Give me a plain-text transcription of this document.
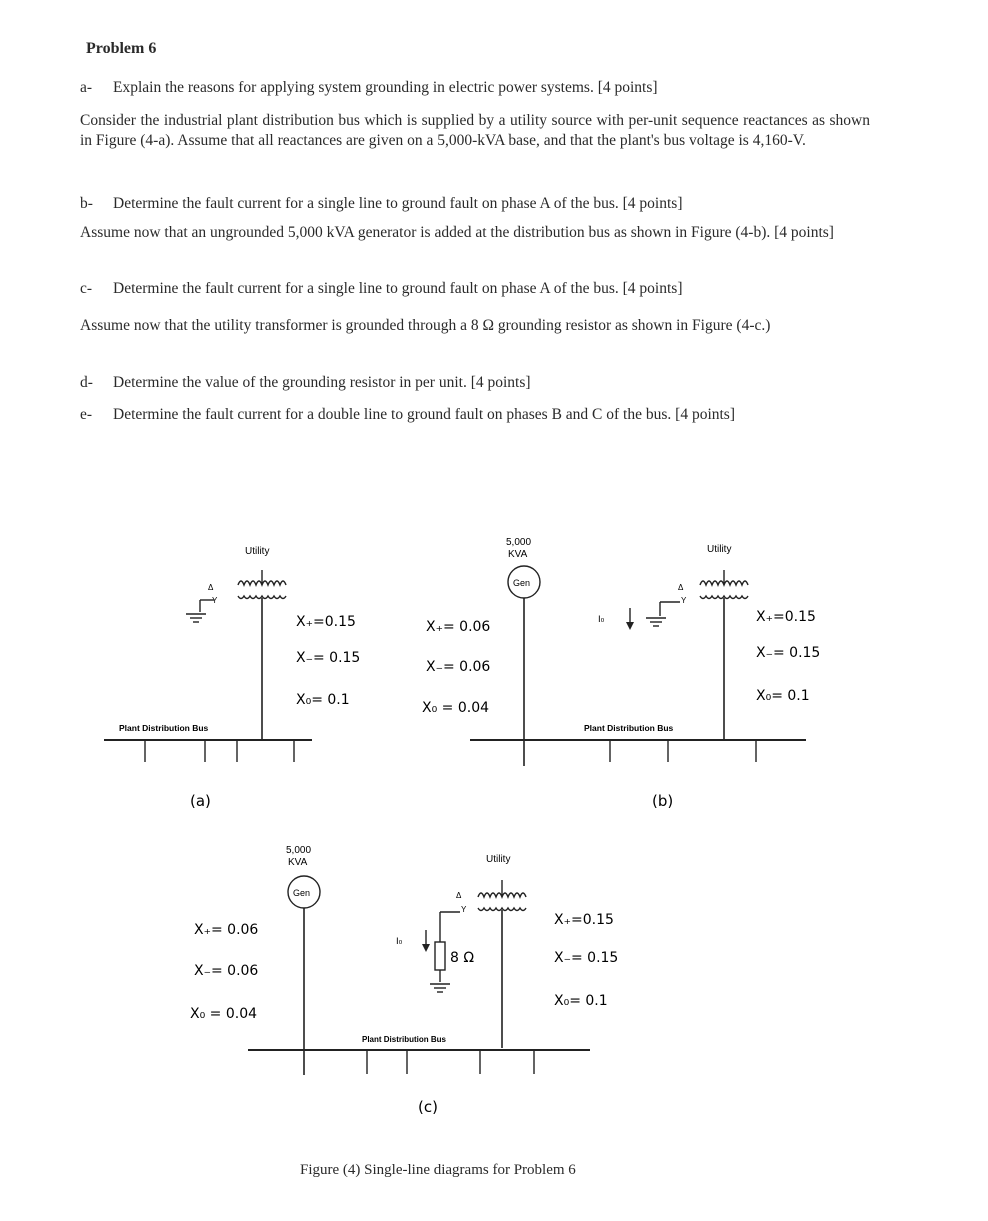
Problem 6
a- Explain the reasons for applying system grounding in electric power systems. [4 points]
Consider the industrial plant distribution bus which is supplied by a utility source with per-unit sequence reactances as shown in Figure (4-a). Assume that all reactances are given on a 5,000-kVA base, and that the plant's bus voltage is 4,160-V.
b- Determine the fault current for a single line to ground fault on phase A of the bus. [4 points]
Assume now that an ungrounded 5,000 kVA generator is added at the distribution bus as shown in Figure (4-b). [4 points]
c- Determine the fault current for a single line to ground fault on phase A of the bus. [4 points]
Assume now that the utility transformer is grounded through a 8 Ω grounding resistor as shown in Figure (4-c.)
d- Determine the value of the grounding resistor in per unit. [4 points]
e- Determine the fault current for a double line to ground fault on phases B and C of the bus. [4 points]
Utility
Δ
Y
X₊=0.15
X₋= 0.15
X₀= 0.1
Plant Distribution Bus
(a)
5,000
KVA
Gen
X₊= 0.06
X₋= 0.06
X₀ = 0.04
Utility
Δ
Y
I₀	X₊=0.15
X₋= 0.15
X₀= 0.1
Plant Distribution Bus
(b)
5,000
KVA
Gen
X₊= 0.06
X₋= 0.06
X₀ = 0.04
Utility
Δ
Y
8 Ω
I₀
X₊=0.15
X₋= 0.15
X₀= 0.1
Plant Distribution Bus
(c)
Figure (4) Single-line diagrams for Problem 6
